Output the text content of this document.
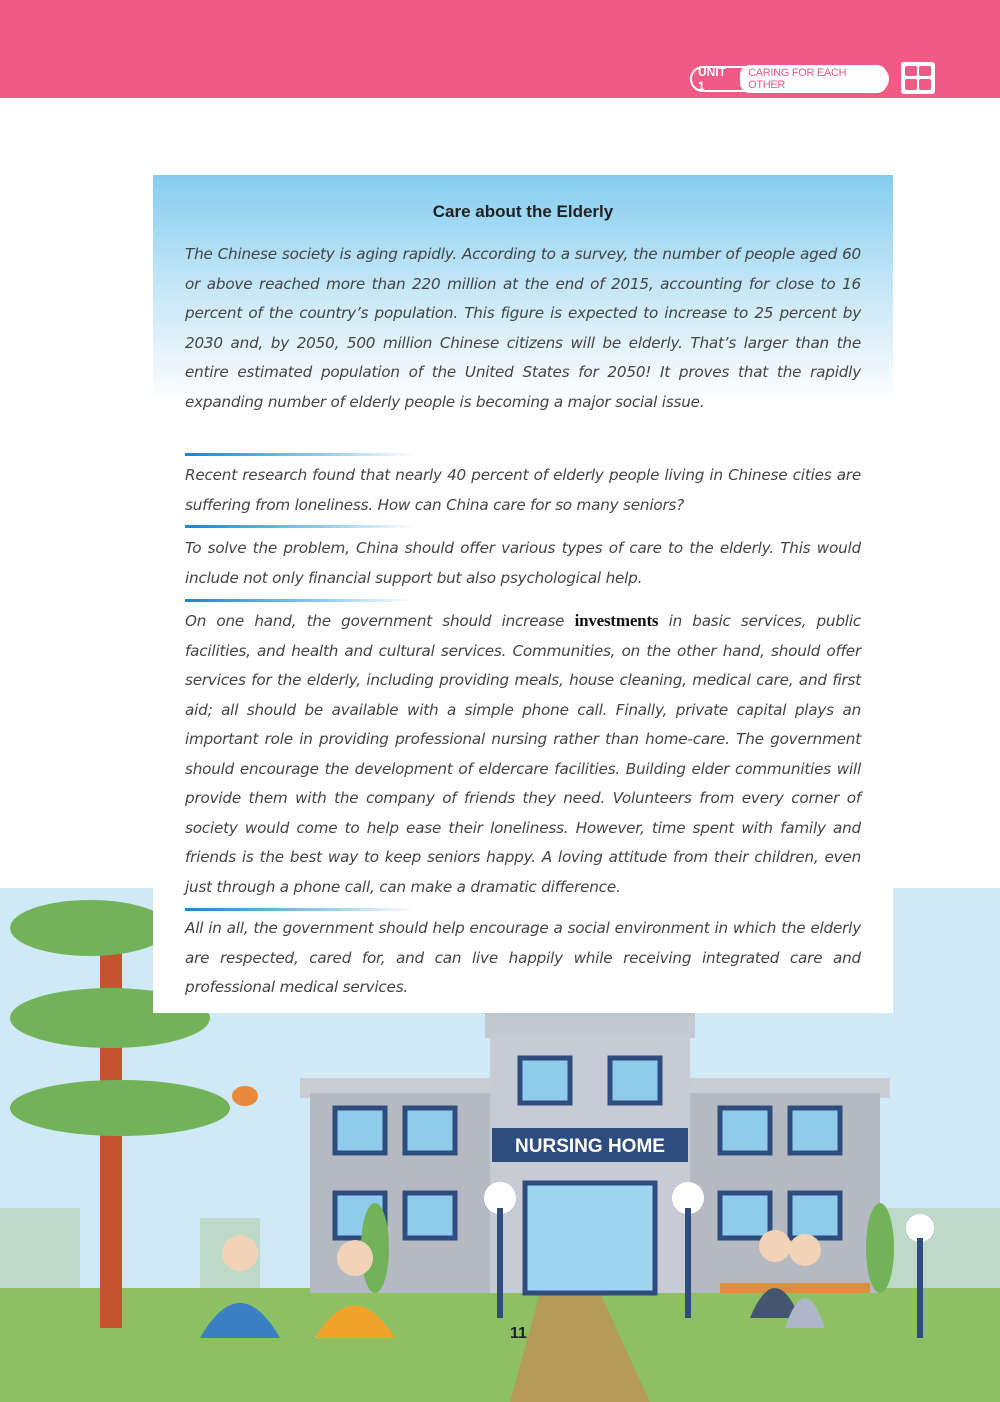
UNIT 1
CARING FOR EACH OTHER
NURSING HOME
Care about the Elderly

The Chinese society is aging rapidly. According to a survey, the number of people aged 60 or above reached more than 220 million at the end of 2015, accounting for close to 16 percent of the country’s population. This figure is expected to increase to 25 percent by 2030 and, by 2050, 500 million Chinese citizens will be elderly. That’s larger than the entire estimated population of the United States for 2050! It proves that the rapidly expanding number of elderly people is becoming a major social issue.

Recent research found that nearly 40 percent of elderly people living in Chinese cities are suffering from loneliness. How can China care for so many seniors?

To solve the problem, China should offer various types of care to the elderly. This would include not only financial support but also psychological help.

On one hand, the government should increase investments in basic services, public facilities, and health and cultural services. Communities, on the other hand, should offer services for the elderly, including providing meals, house cleaning, medical care, and first aid; all should be available with a simple phone call. Finally, private capital plays an important role in providing professional nursing rather than home-care. The government should encourage the development of eldercare facilities. Building elder communities will provide them with the company of friends they need. Volunteers from every corner of society would come to help ease their loneliness. However, time spent with family and friends is the best way to keep seniors happy. A loving attitude from their children, even just through a phone call, can make a dramatic difference.

All in all, the government should help encourage a social environment in which the elderly are respected, cared for, and can live happily while receiving integrated care and professional medical services.

11
